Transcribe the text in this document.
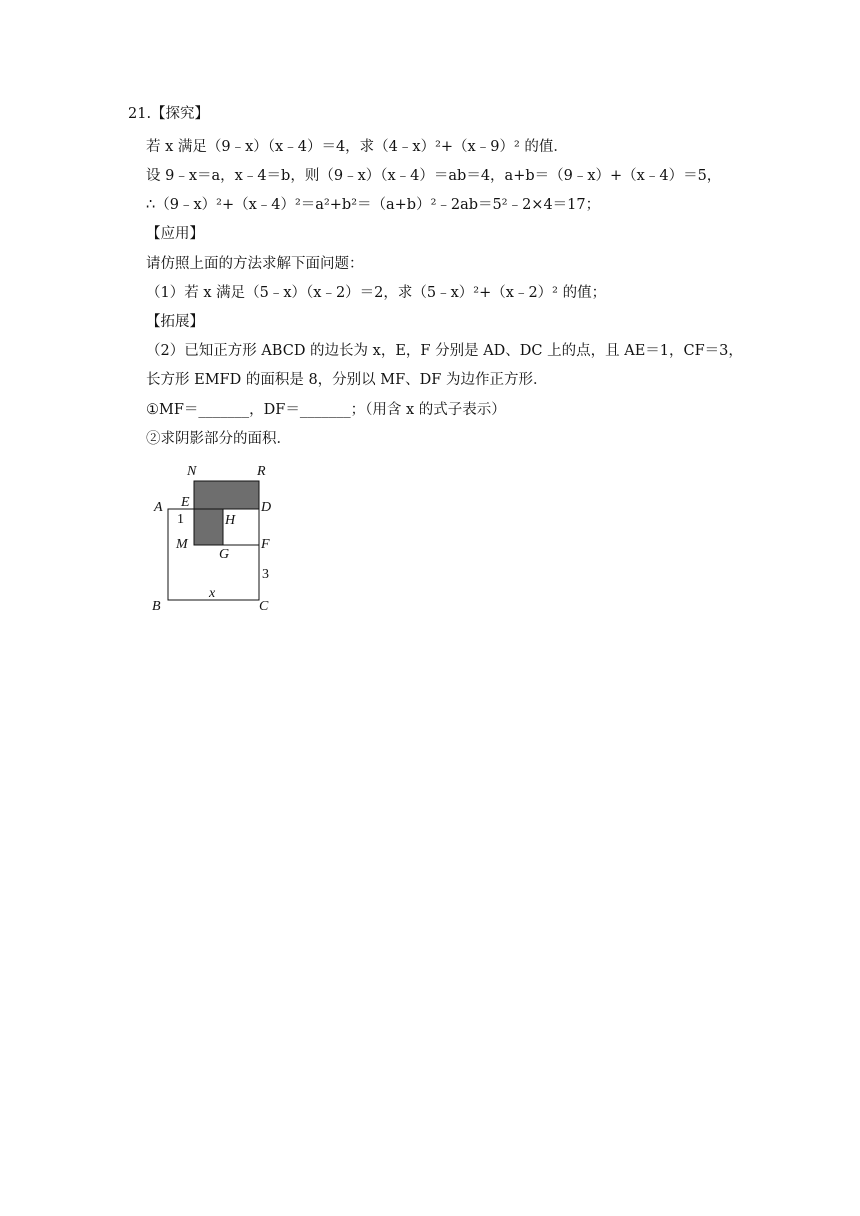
21.【探究】
若 x 满足（9﹣x）（x﹣4）＝4，求（4﹣x）²+（x﹣9）² 的值．
设 9﹣x＝a，x﹣4＝b，则（9﹣x）（x﹣4）＝ab＝4，a+b＝（9﹣x）+（x﹣4）＝5，
∴（9﹣x）²+（x﹣4）²＝a²+b²＝（a+b）²﹣2ab＝5²﹣2×4＝17；
【应用】
请仿照上面的方法求解下面问题：
（1）若 x 满足（5﹣x）（x﹣2）＝2，求（5﹣x）²+（x﹣2）² 的值；
【拓展】
（2）已知正方形 ABCD 的边长为 x，E，F 分别是 AD、DC 上的点，且 AE＝1，CF＝3，
长方形 EMFD 的面积是 8，分别以 MF、DF 为边作正方形．
①MF＝_______，DF＝_______；（用含 x 的式子表示）
②求阴影部分的面积．
N	R
A E	D
1	H
M	F
G
3
x
B	C
